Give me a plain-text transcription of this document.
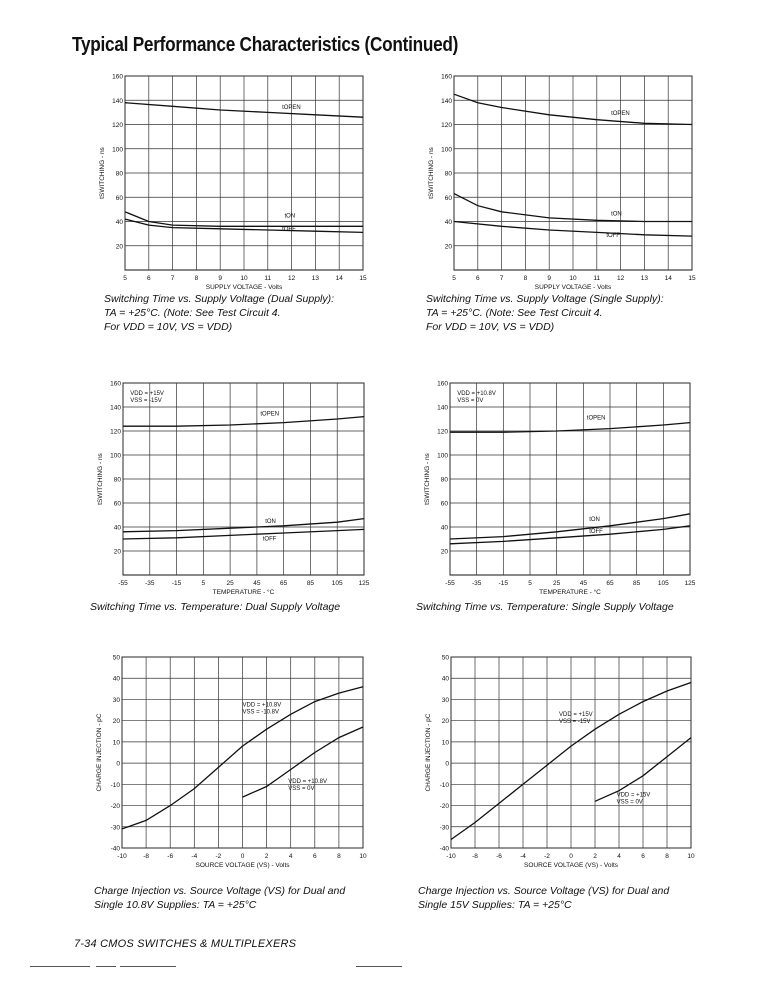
Typical Performance Characteristics (Continued)
5	6	7	8	9	10	11	12	13	14	15
20
40
60
80
100
120
140
160
SUPPLY VOLTAGE - Volts
tSWITCHING - ns
tOPEN
tON
tOFF
Switching Time vs. Supply Voltage (Dual Supply):
TA = +25°C. (Note: See Test Circuit 4.
For VDD = 10V, VS = VDD)
Switching Time vs. Supply Voltage (Single Supply):
TA = +25°C. (Note: See Test Circuit 4.
For VDD = 10V, VS = VDD)
Switching Time vs. Temperature: Dual Supply Voltage	Switching Time vs. Temperature: Single Supply Voltage
Charge Injection vs. Source Voltage (VS) for Dual and
Single 10.8V Supplies: TA = +25°C
Charge Injection vs. Source Voltage (VS) for Dual and
Single 15V Supplies: TA = +25°C
5	6	7	8	9	10	11	12	13	14	15
20
40
60
80
100
120
140
160
SUPPLY VOLTAGE - Volts
tSWITCHING - ns
tOPEN
tON
tOFF
-55	-35	-15	5	25	45	65	85	105 125
20
40
60
80
100
120
140
160
TEMPERATURE - °C
tSWITCHING - ns
tOPEN
tON
tOFF
VDD = +15V
VSS = -15V
-55	-35	-15	5	25	45	65	85	105 125
20
40
60
80
100
120
140
160
TEMPERATURE - °C
tSWITCHING - ns
tOPEN
tON
tOFF
VDD = +10.8V
VSS = 0V
-10	-8	-6	-4	-2	0	2	4	6	8	10
-40
-30
-20
-10
0
10
20
30
40
50
SOURCE VOLTAGE (VS) - Volts
CHARGE INJECTION - pC
VDD = +10.8V
VSS = -10.8V
VDD = +10.8V
VSS = 0V
-10	-8	-6	-4	-2	0	2	4	6	8	10
-40
-30
-20
-10
0
10
20
30
40
50
SOURCE VOLTAGE (VS) - Volts
CHARGE INJECTION - pC	VDD = +15V
VSS = -15V
VDD = +15V
VSS = 0V
7-34 CMOS SWITCHES & MULTIPLEXERS
